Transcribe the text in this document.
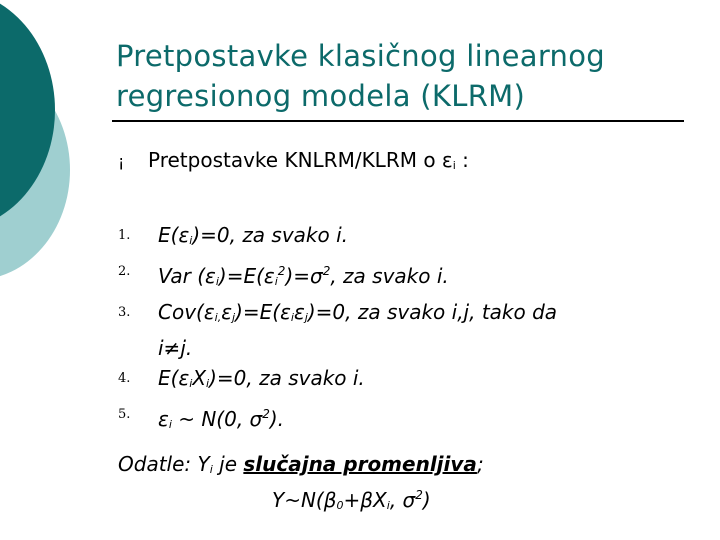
Pretpostavke klasičnog linearnog
regresionog modela (KLRM)
¡ Pretpostavke KNLRM/KLRM o $\varepsilon_i$ :
1. $E(\varepsilon_i)=0$, za svako i.
2. Var $(\varepsilon_i)=E(\varepsilon_i^2)=\sigma^2$, za svako i.
3. $Cov(\varepsilon_{i,}\varepsilon_j)=E(\varepsilon_i\varepsilon_j)=0$, za svako i,j, tako da
i≠j.
4. $E(\varepsilon_iX_i)=0$, za svako i.
5. $\varepsilon_i$ ~ N(0, $\sigma^2$).
Odatle: $Y_i$ je slučajna promenljiva;
$Y\sim N(\beta_0+\beta X_i$, $\sigma^2$)
